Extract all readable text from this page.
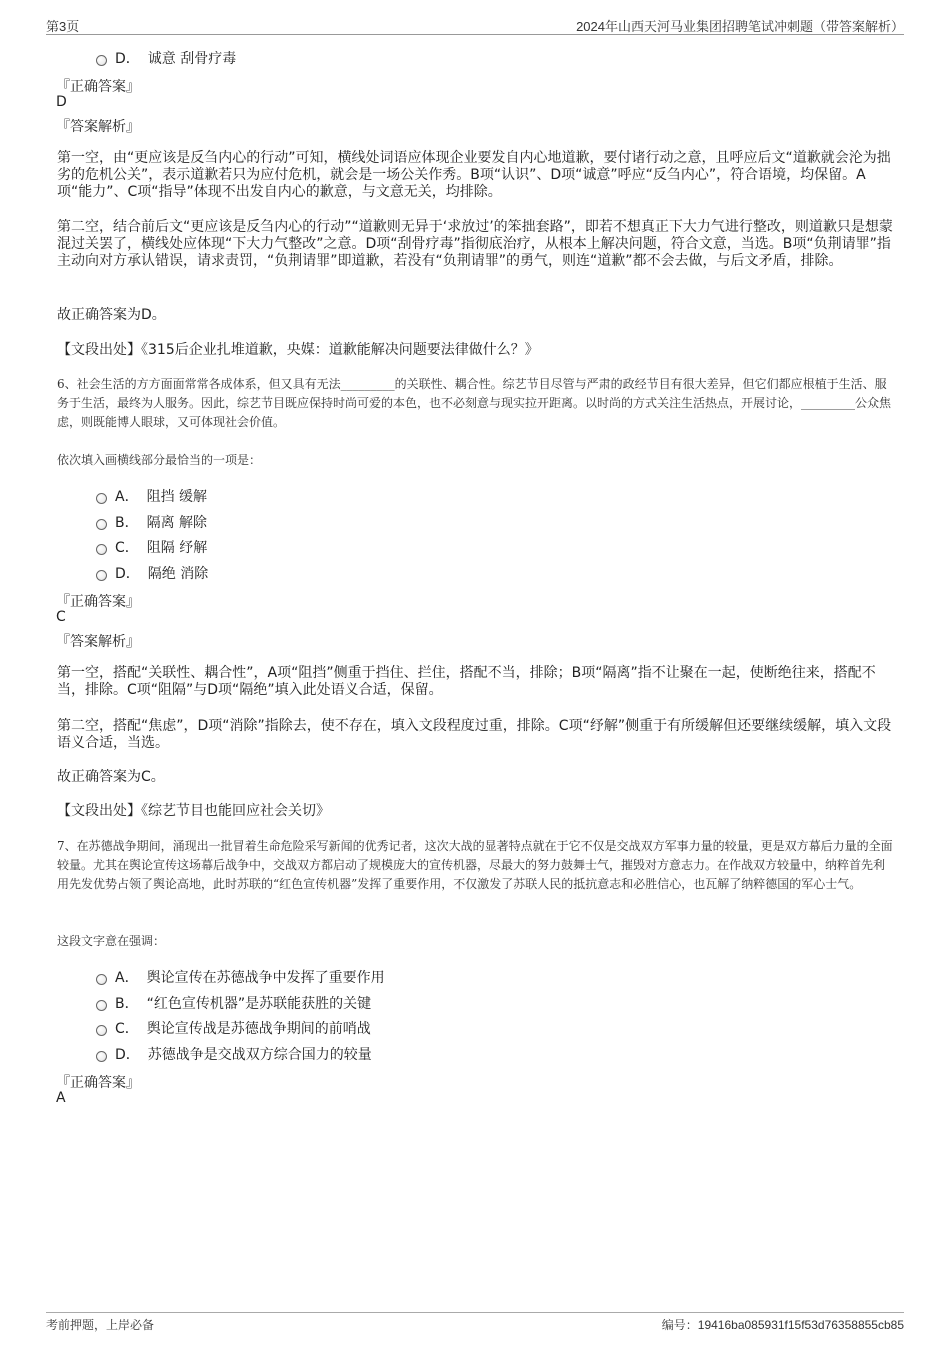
第3页	2024年山西天河马业集团招聘笔试冲刺题（带答案解析）
D． 诚意 刮骨疗毒
『正确答案』
D
『答案解析』
第一空，由“更应该是反刍内心的行动”可知，横线处词语应体现企业要发自内心地道歉，要付诸行动之意，且呼应后文“道歉就会沦为拙劣的危机公关”，表示道歉若只为应付危机，就会是一场公关作秀。B项“认识”、D项“诚意”呼应“反刍内心”，符合语境，均保留。A项“能力”、C项“指导”体现不出发自内心的歉意，与文意无关，均排除。
第二空，结合前后文“更应该是反刍内心的行动”“道歉则无异于‘求放过’的笨拙套路”，即若不想真正下大力气进行整改，则道歉只是想蒙混过关罢了，横线处应体现“下大力气整改”之意。D项“刮骨疗毒”指彻底治疗，从根本上解决问题，符合文意，当选。B项“负荆请罪”指主动向对方承认错误，请求责罚，“负荆请罪”即道歉，若没有“负荆请罪”的勇气，则连“道歉”都不会去做，与后文矛盾，排除。
故正确答案为D。
【文段出处】《315后企业扎堆道歉，央媒：道歉能解决问题要法律做什么？》
6、社会生活的方方面面常常各成体系，但又具有无法_________的关联性、耦合性。综艺节目尽管与严肃的政经节目有很大差异，但它们都应根植于生活、服务于生活，最终为人服务。因此，综艺节目既应保持时尚可爱的本色，也不必刻意与现实拉开距离。以时尚的方式关注生活热点，开展讨论，_________公众焦虑，则既能博人眼球，又可体现社会价值。
依次填入画横线部分最恰当的一项是：
A． 阻挡 缓解
B． 隔离 解除
C． 阻隔 纾解
D． 隔绝 消除
『正确答案』
C
『答案解析』
第一空，搭配“关联性、耦合性”，A项“阻挡”侧重于挡住、拦住，搭配不当，排除；B项“隔离”指不让聚在一起，使断绝往来，搭配不当，排除。C项“阻隔”与D项“隔绝”填入此处语义合适，保留。
第二空，搭配“焦虑”，D项“消除”指除去，使不存在，填入文段程度过重，排除。C项“纾解”侧重于有所缓解但还要继续缓解，填入文段语义合适，当选。
故正确答案为C。
【文段出处】《综艺节目也能回应社会关切》
7、在苏德战争期间，涌现出一批冒着生命危险采写新闻的优秀记者，这次大战的显著特点就在于它不仅是交战双方军事力量的较量，更是双方幕后力量的全面较量。尤其在舆论宣传这场幕后战争中，交战双方都启动了规模庞大的宣传机器，尽最大的努力鼓舞士气，摧毁对方意志力。在作战双方较量中，纳粹首先利用先发优势占领了舆论高地，此时苏联的“红色宣传机器”发挥了重要作用，不仅激发了苏联人民的抵抗意志和必胜信心，也瓦解了纳粹德国的军心士气。
这段文字意在强调：
A． 舆论宣传在苏德战争中发挥了重要作用
B． “红色宣传机器”是苏联能获胜的关键
C． 舆论宣传战是苏德战争期间的前哨战
D． 苏德战争是交战双方综合国力的较量
『正确答案』
A
考前押题，上岸必备	编号：19416ba085931f15f53d76358855cb85
